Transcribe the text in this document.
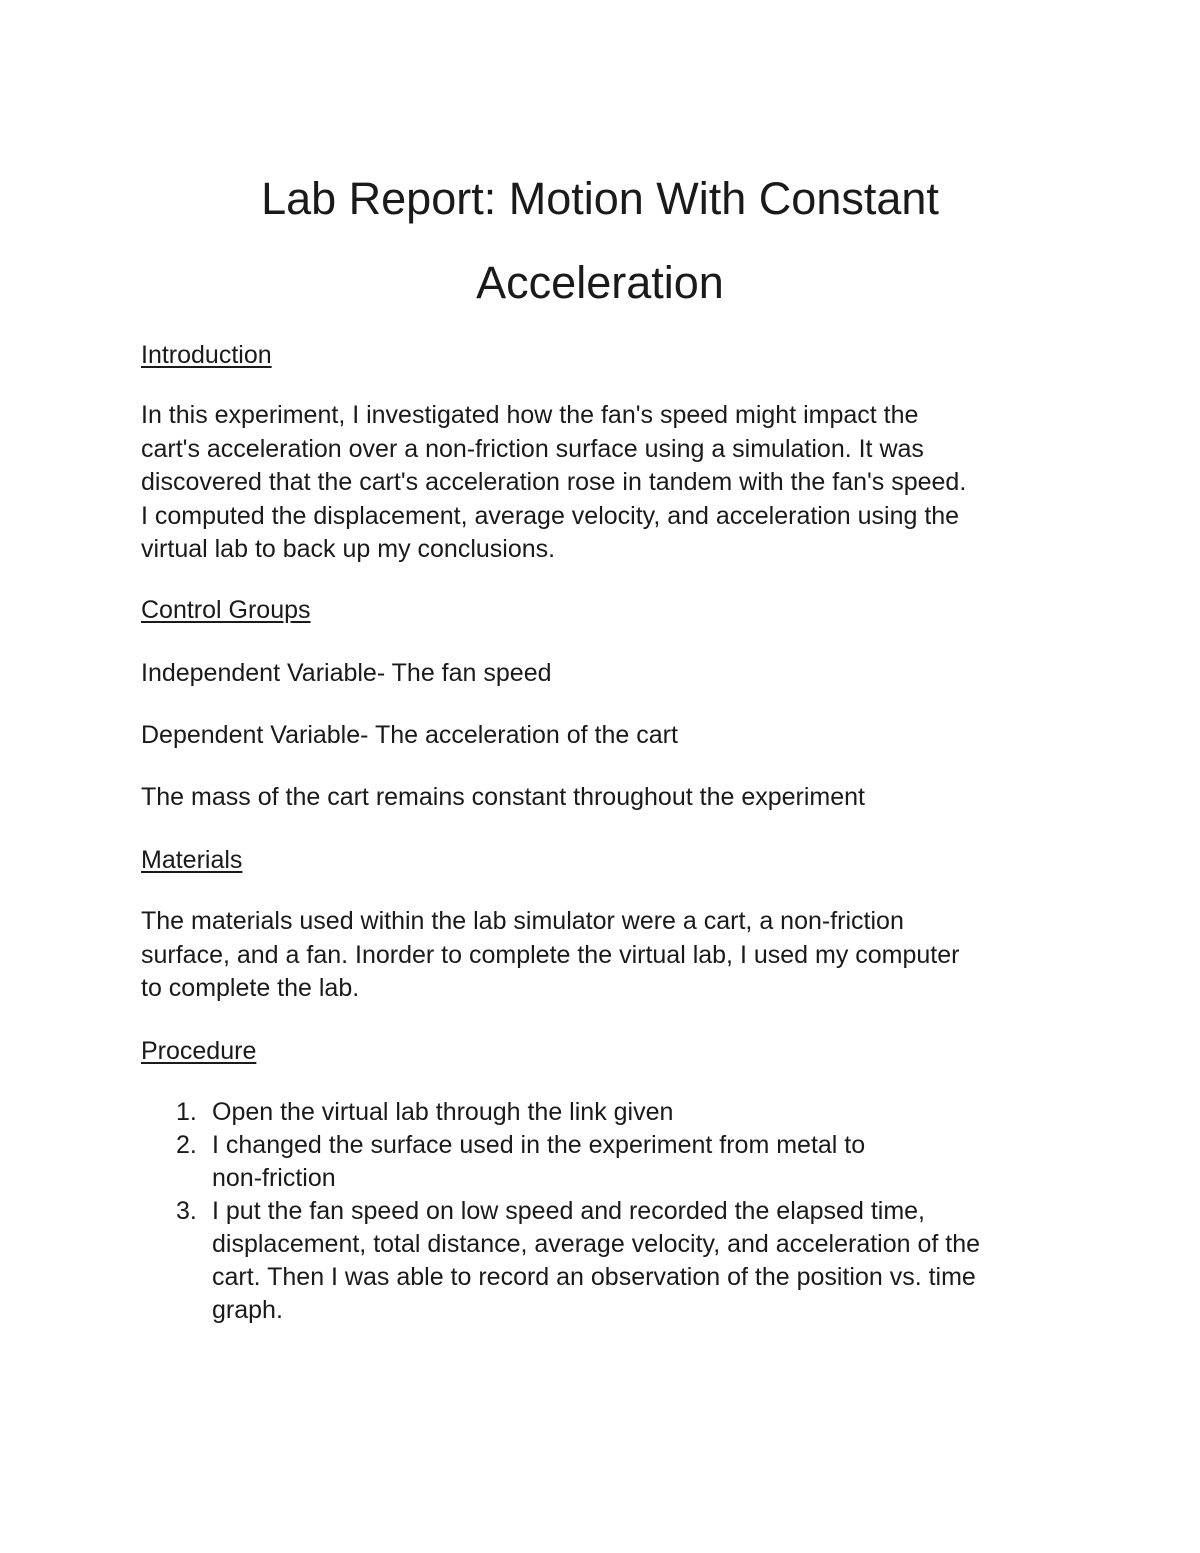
Lab Report: Motion With Constant
Acceleration
Introduction

In this experiment, I investigated how the fan's speed might impact the
cart's acceleration over a non-friction surface using a simulation. It was
discovered that the cart's acceleration rose in tandem with the fan's speed.
I computed the displacement, average velocity, and acceleration using the
virtual lab to back up my conclusions.

Control Groups

Independent Variable- The fan speed

Dependent Variable- The acceleration of the cart

The mass of the cart remains constant throughout the experiment

Materials

The materials used within the lab simulator were a cart, a non-friction
surface, and a fan. Inorder to complete the virtual lab, I used my computer
to complete the lab.

Procedure
1. Open the virtual lab through the link given
2. I changed the surface used in the experiment from metal to
non-friction
3. I put the fan speed on low speed and recorded the elapsed time,
displacement, total distance, average velocity, and acceleration of the
cart. Then I was able to record an observation of the position vs. time
graph.
